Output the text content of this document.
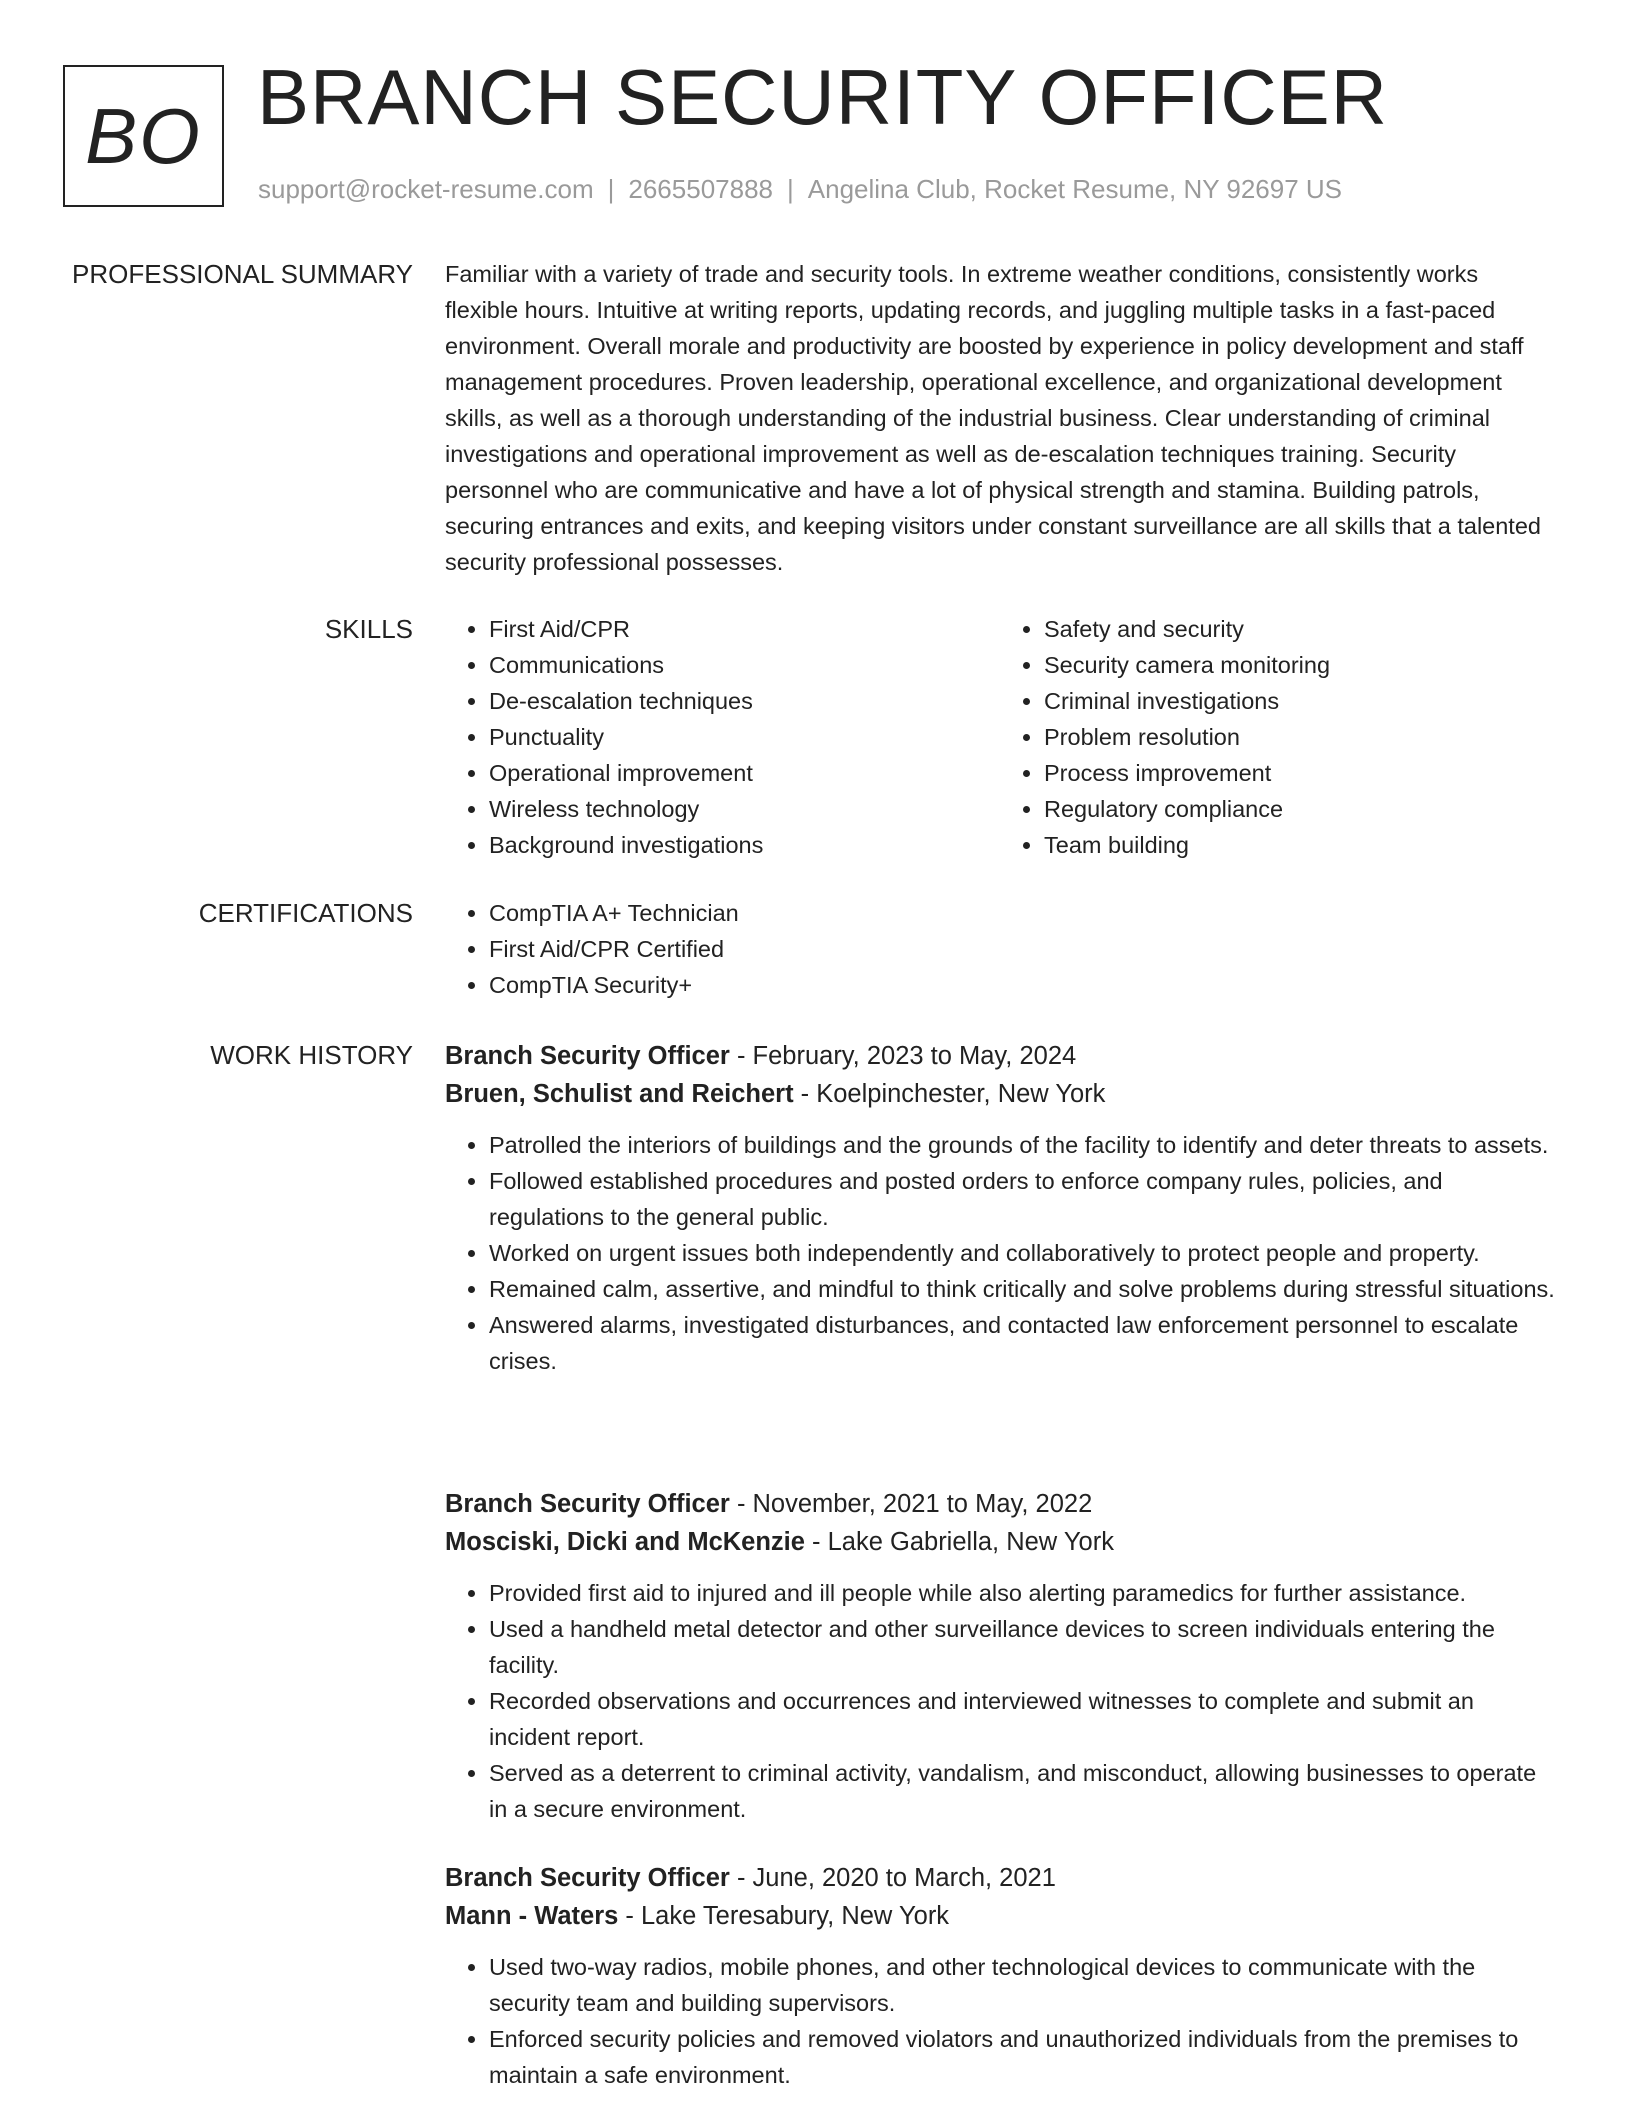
BO BRANCH SECURITY OFFICER
support@rocket-resume.com | 2665507888 | Angelina Club, Rocket Resume, NY 92697 US
PROFESSIONAL SUMMARY Familiar with a variety of trade and security tools. In extreme weather conditions, consistently works flexible hours. Intuitive at writing reports, updating records, and juggling multiple tasks in a fast-paced environment. Overall morale and productivity are boosted by experience in policy development and staff management procedures. Proven leadership, operational excellence, and organizational development skills, as well as a thorough understanding of the industrial business. Clear understanding of criminal investigations and operational improvement as well as de-escalation techniques training. Security personnel who are communicative and have a lot of physical strength and stamina. Building patrols, securing entrances and exits, and keeping visitors under constant surveillance are all skills that a talented security professional possesses.
SKILLS	• First Aid/CPR
• Communications
• De-escalation techniques
• Punctuality
• Operational improvement
• Wireless technology
• Background investigations
• Safety and security
• Security camera monitoring
• Criminal investigations
• Problem resolution
• Process improvement
• Regulatory compliance
• Team building
CERTIFICATIONS	• CompTIA A+ Technician
• First Aid/CPR Certified
• CompTIA Security+
WORK HISTORY Branch Security Officer - February, 2023 to May, 2024
Bruen, Schulist and Reichert - Koelpinchester, New York
• Patrolled the interiors of buildings and the grounds of the facility to identify and deter threats to assets.
• Followed established procedures and posted orders to enforce company rules, policies, and regulations to the general public.
• Worked on urgent issues both independently and collaboratively to protect people and property.
• Remained calm, assertive, and mindful to think critically and solve problems during stressful situations.
• Answered alarms, investigated disturbances, and contacted law enforcement personnel to escalate crises.
Branch Security Officer - November, 2021 to May, 2022
Mosciski, Dicki and McKenzie - Lake Gabriella, New York
• Provided first aid to injured and ill people while also alerting paramedics for further assistance.
• Used a handheld metal detector and other surveillance devices to screen individuals entering the facility.
• Recorded observations and occurrences and interviewed witnesses to complete and submit an incident report.
• Served as a deterrent to criminal activity, vandalism, and misconduct, allowing businesses to operate in a secure environment.
Branch Security Officer - June, 2020 to March, 2021
Mann - Waters - Lake Teresabury, New York
• Used two-way radios, mobile phones, and other technological devices to communicate with the security team and building supervisors.
• Enforced security policies and removed violators and unauthorized individuals from the premises to maintain a safe environment.
